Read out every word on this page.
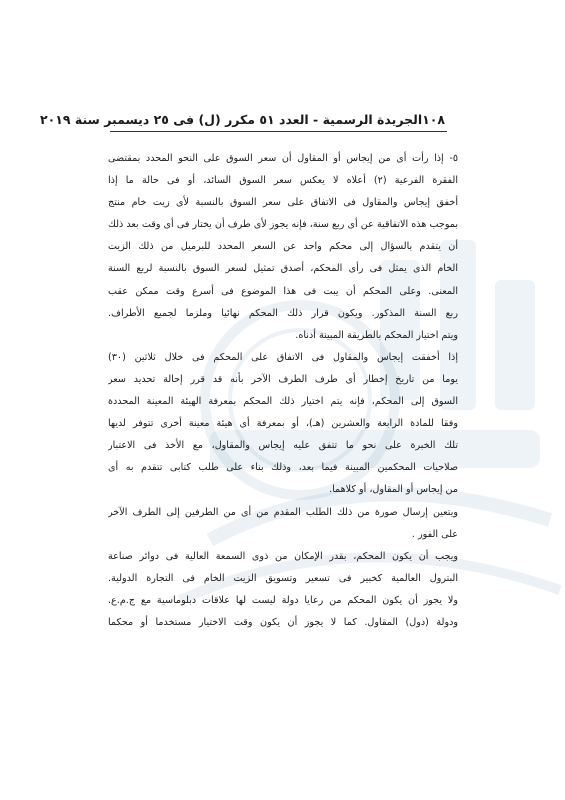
١٠٨
الجريدة الرسمية - العدد ٥١ مكرر (ل) فى ٢٥ ديسمبر سنة ٢٠١٩
٥- إذا رأت أى من إيجاس أو المقاول أن سعر السوق على النحو المحدد بمقتضى
الفقرة الفرعية (٢) أعلاه لا يعكس سعر السوق السائد، أو فى حالة ما إذا
أخفق إيجاس والمقاول فى الاتفاق على سعر السوق بالنسبة لأى زيت خام منتج
بموجب هذه الاتفاقية عن أى ربع سنة، فإنه يجوز لأى طرف أن يختار فى أى وقت بعد ذلك
أن يتقدم بالسؤال إلى محكم واحد عن السعر المحدد للبرميل من ذلك الزيت
الخام الذى يمثل فى رأى المحكم، أصدق تمثيل لسعر السوق بالنسبة لربع السنة
المعنى. وعلى المحكم أن يبت فى هذا الموضوع فى أسرع وقت ممكن عقب
ربع السنة المذكور. ويكون قرار ذلك المحكم نهائيا وملزما لجميع الأطراف.
ويتم اختيار المحكم بالطريقة المبينة أدناه.
إذا أخفقت إيجاس والمقاول فى الاتفاق على المحكم فى خلال ثلاثين (٣٠)
يوما من تاريخ إخطار أى طرف الطرف الآخر بأنه قد قرر إحالة تحديد سعر
السوق إلى المحكم، فإنه يتم اختيار ذلك المحكم بمعرفة الهيئة المعينة المحددة
وفقا للمادة الرابعة والعشرين (هـ)، أو بمعرفة أى هيئة معينة أخرى تتوفر لديها
تلك الخبرة على نحو ما تتفق عليه إيجاس والمقاول، مع الأخذ فى الاعتبار
صلاحيات المحكمين المبينة فيما بعد، وذلك بناء على طلب كتابى تتقدم به أى
من إيجاس أو المقاول، أو كلاهما.
ويتعين إرسال صورة من ذلك الطلب المقدم من أى من الطرفين إلى الطرف الآخر
على الفور .
ويجب أن يكون المحكم، بقدر الإمكان من ذوى السمعة العالية فى دوائر صناعة
البترول العالمية كخبير فى تسعير وتسويق الزيت الخام فى التجارة الدولية.
ولا يجوز أن يكون المحكم من رعايا دولة ليست لها علاقات دبلوماسية مع ج.م.ع.
ودولة (دول) المقاول. كما لا يجوز أن يكون وقت الاختيار مستخدما أو محكما
